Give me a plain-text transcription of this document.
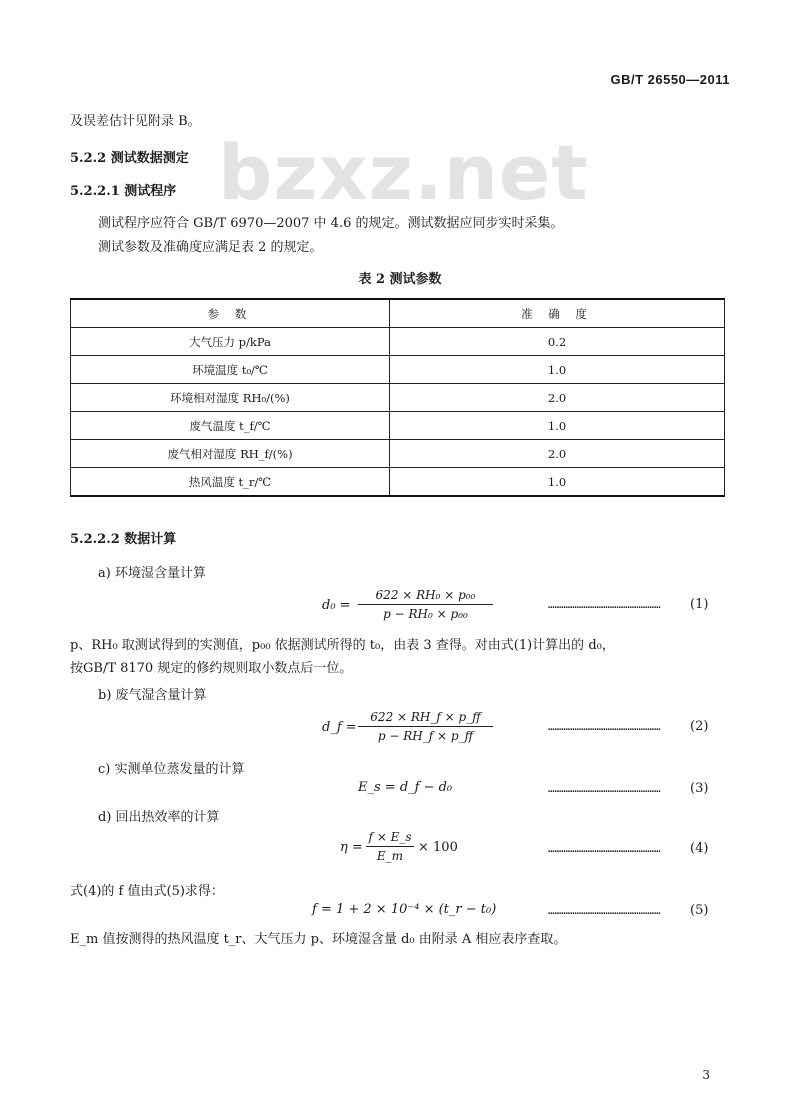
GB/T 26550—2011
bzxz.net
及误差估计见附录 B。
5.2.2 测试数据测定
5.2.2.1 测试程序
测试程序应符合 GB/T 6970—2007 中 4.6 的规定。测试数据应同步实时采集。
测试参数及准确度应满足表 2 的规定。
表 2 测试参数
参 数	准 确 度
大气压力 p/kPa	0.2
环境温度 t₀/℃	1.0
环境相对湿度 RH₀/(%)	2.0
废气温度 t_f/℃	1.0
废气相对湿度 RH_f/(%)	2.0
热风温度 t_r/℃	1.0
5.2.2.2 数据计算
a) 环境湿含量计算
$d_0 = \frac{\text{622 × RH₀ × p₀₀}}{\text{p − RH₀ × p₀₀}}$	…………………………………………… (1)
p、RH₀ 取测试得到的实测值，p₀₀ 依据测试所得的 t₀，由表 3 查得。对由式(1)计算出的 d₀，
按GB/T 8170 规定的修约规则取小数点后一位。
b) 废气湿含量计算
d_f = $\frac{622 \times RH\_f \times p\_ff}{p - RH\_f \times p\_ff}$	…………………………………………… (2)
c) 实测单位蒸发量的计算
E_s = d_f − d₀	…………………………………………… (3)
d) 回出热效率的计算
$\eta = \frac{f \times E\_s}{E\_m} \times 100$	…………………………………………… (4)
式(4)的 f 值由式(5)求得：
f = 1 + 2 × 10⁻⁴ × (t_r − t₀)	…………………………………………… (5)
E_m 值按测得的热风温度 t_r、大气压力 p、环境湿含量 d₀ 由附录 A 相应表序查取。
3
